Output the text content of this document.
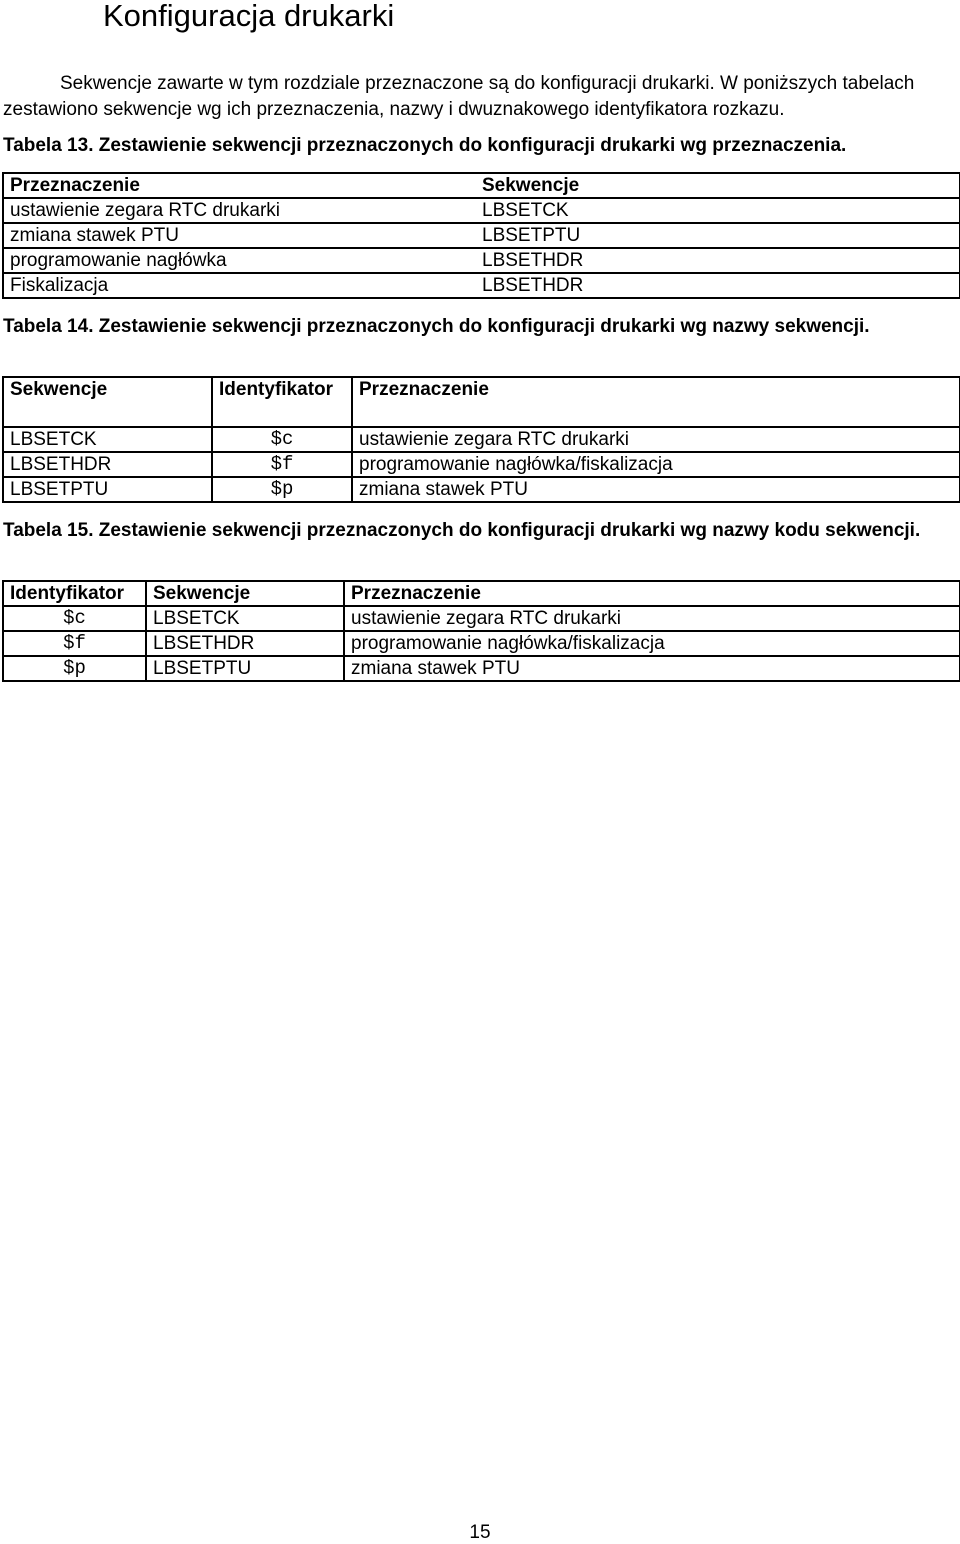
Konfiguracja drukarki
Sekwencje zawarte w tym rozdziale przeznaczone są do konfiguracji drukarki. W poniższych tabelach zestawiono sekwencje wg ich przeznaczenia, nazwy i dwuznakowego identyfikatora rozkazu.
Tabela 13. Zestawienie sekwencji przeznaczonych do konfiguracji drukarki wg przeznaczenia.
Przeznaczenie	Sekwencje
ustawienie zegara RTC drukarki	LBSETCK
zmiana stawek PTU	LBSETPTU
programowanie nagłówka	LBSETHDR
Fiskalizacja	LBSETHDR
Tabela 14. Zestawienie sekwencji przeznaczonych do konfiguracji drukarki wg nazwy sekwencji.
Sekwencje	Identyfikator	Przeznaczenie
LBSETCK	$c	ustawienie zegara RTC drukarki
LBSETHDR	$f	programowanie nagłówka/fiskalizacja
LBSETPTU	$p	zmiana stawek PTU
Tabela 15. Zestawienie sekwencji przeznaczonych do konfiguracji drukarki wg nazwy kodu sekwencji.
Identyfikator	Sekwencje	Przeznaczenie
$c	LBSETCK	ustawienie zegara RTC drukarki
$f	LBSETHDR	programowanie nagłówka/fiskalizacja
$p	LBSETPTU	zmiana stawek PTU
15
